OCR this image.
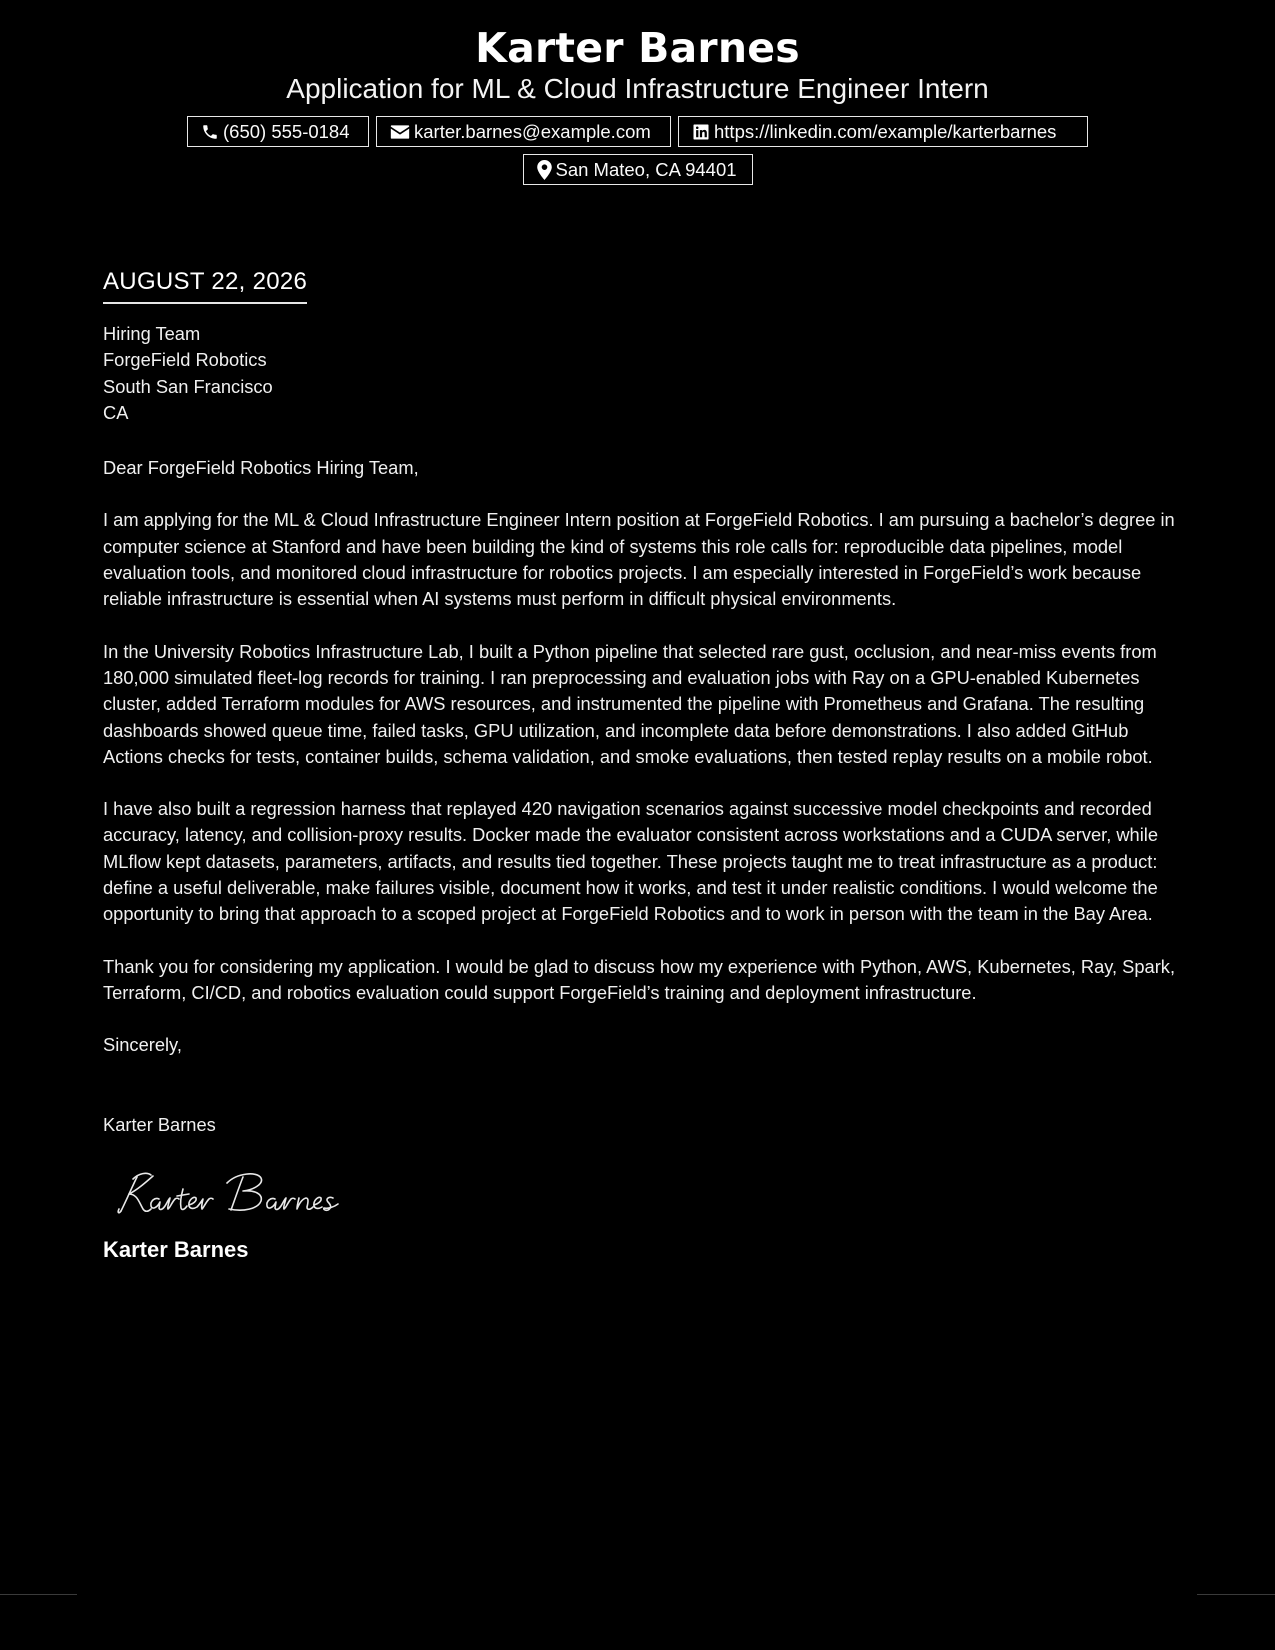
Karter Barnes
Application for ML & Cloud Infrastructure Engineer Intern
(650) 555-0184	karter.barnes@example.com	https://linkedin.com/example/karterbarnes
San Mateo, CA 94401
AUGUST 22, 2026
Hiring Team
ForgeField Robotics
South San Francisco
CA
Dear ForgeField Robotics Hiring Team,

I am applying for the ML & Cloud Infrastructure Engineer Intern position at ForgeField Robotics. I am pursuing a bachelor’s degree in computer science at Stanford and have been building the kind of systems this role calls for: reproducible data pipelines, model evaluation tools, and monitored cloud infrastructure for robotics projects. I am especially interested in ForgeField’s work because reliable infrastructure is essential when AI systems must perform in difficult physical environments.

In the University Robotics Infrastructure Lab, I built a Python pipeline that selected rare gust, occlusion, and near-miss events from 180,000 simulated fleet-log records for training. I ran preprocessing and evaluation jobs with Ray on a GPU-enabled Kubernetes cluster, added Terraform modules for AWS resources, and instrumented the pipeline with Prometheus and Grafana. The resulting dashboards showed queue time, failed tasks, GPU utilization, and incomplete data before demonstrations. I also added GitHub Actions checks for tests, container builds, schema validation, and smoke evaluations, then tested replay results on a mobile robot.

I have also built a regression harness that replayed 420 navigation scenarios against successive model checkpoints and recorded accuracy, latency, and collision-proxy results. Docker made the evaluator consistent across workstations and a CUDA server, while MLflow kept datasets, parameters, artifacts, and results tied together. These projects taught me to treat infrastructure as a product: define a useful deliverable, make failures visible, document how it works, and test it under realistic conditions. I would welcome the opportunity to bring that approach to a scoped project at ForgeField Robotics and to work in person with the team in the Bay Area.

Thank you for considering my application. I would be glad to discuss how my experience with Python, AWS, Kubernetes, Ray, Spark, Terraform, CI/CD, and robotics evaluation could support ForgeField’s training and deployment infrastructure.

Sincerely,
Karter Barnes
Karter Barnes
